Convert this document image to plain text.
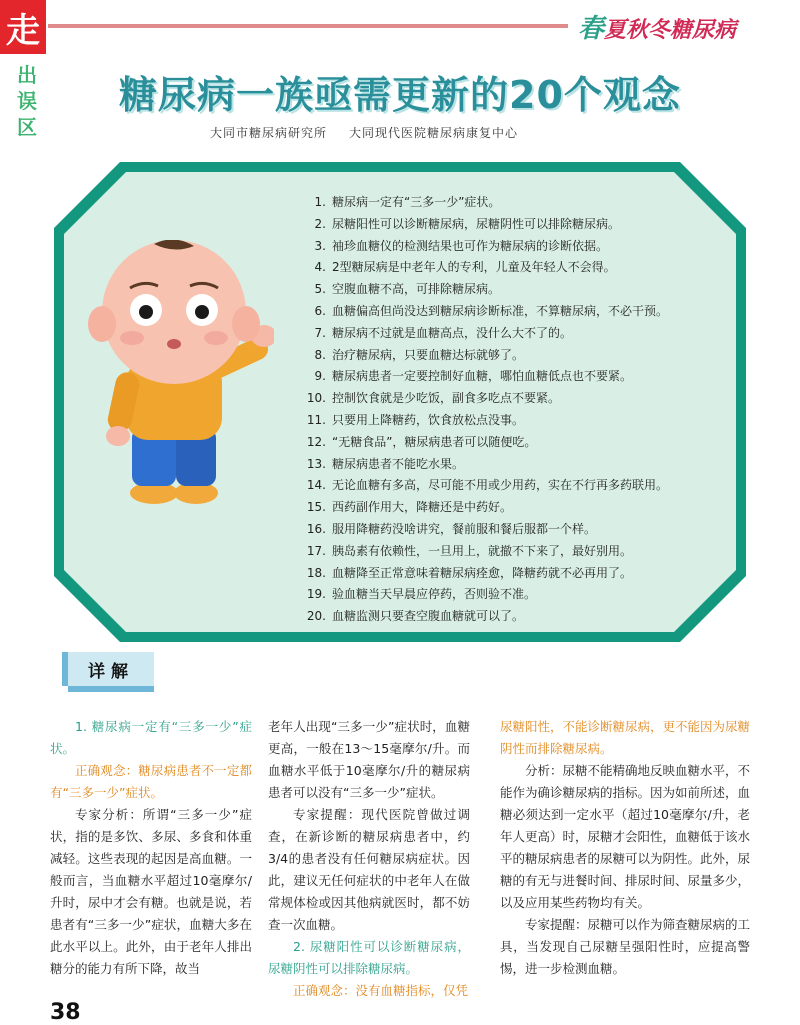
走	春夏秋冬糖尿病
出
误
区
糖尿病一族亟需更新的20个观念
大同市糖尿病研究所 大同现代医院糖尿病康复中心
1. 糖尿病一定有“三多一少”症状。
2. 尿糖阳性可以诊断糖尿病，尿糖阴性可以排除糖尿病。
3. 袖珍血糖仪的检测结果也可作为糖尿病的诊断依据。
4. 2型糖尿病是中老年人的专利，儿童及年轻人不会得。
5. 空腹血糖不高，可排除糖尿病。
6. 血糖偏高但尚没达到糖尿病诊断标准，不算糖尿病，不必干预。
7. 糖尿病不过就是血糖高点，没什么大不了的。
8. 治疗糖尿病，只要血糖达标就够了。
9. 糖尿病患者一定要控制好血糖，哪怕血糖低点也不要紧。
10. 控制饮食就是少吃饭，副食多吃点不要紧。
11. 只要用上降糖药，饮食放松点没事。
12. “无糖食品”，糖尿病患者可以随便吃。
13. 糖尿病患者不能吃水果。
14. 无论血糖有多高，尽可能不用或少用药，实在不行再多药联用。
15. 西药副作用大，降糖还是中药好。
16. 服用降糖药没啥讲究，餐前服和餐后服都一个样。
17. 胰岛素有依赖性，一旦用上，就撤不下来了，最好别用。
18. 血糖降至正常意味着糖尿病痊愈，降糖药就不必再用了。
19. 验血糖当天早晨应停药，否则验不准。
20. 血糖监测只要查空腹血糖就可以了。
详解

1. 糖尿病一定有“三多一少”症状。

正确观念：糖尿病患者不一定都有“三多一少”症状。

专家分析：所谓“三多一少”症状，指的是多饮、多尿、多食和体重减轻。这些表现的起因是高血糖。一般而言，当血糖水平超过10毫摩尔/升时，尿中才会有糖。也就是说，若患者有“三多一少”症状，血糖大多在此水平以上。此外，由于老年人排出糖分的能力有所下降，故当

老年人出现“三多一少”症状时，血糖更高，一般在13～15毫摩尔/升。而血糖水平低于10毫摩尔/升的糖尿病患者可以没有“三多一少”症状。

专家提醒：现代医院曾做过调查，在新诊断的糖尿病患者中，约3/4的患者没有任何糖尿病症状。因此，建议无任何症状的中老年人在做常规体检或因其他病就医时，都不妨查一次血糖。

2. 尿糖阳性可以诊断糖尿病，尿糖阴性可以排除糖尿病。

正确观念：没有血糖指标，仅凭

尿糖阳性，不能诊断糖尿病，更不能因为尿糖阴性而排除糖尿病。

分析：尿糖不能精确地反映血糖水平，不能作为确诊糖尿病的指标。因为如前所述，血糖必须达到一定水平（超过10毫摩尔/升，老年人更高）时，尿糖才会阳性，血糖低于该水平的糖尿病患者的尿糖可以为阴性。此外，尿糖的有无与进餐时间、排尿时间、尿量多少，以及应用某些药物均有关。

专家提醒：尿糖可以作为筛查糖尿病的工具，当发现自己尿糖呈强阳性时，应提高警惕，进一步检测血糖。

38
